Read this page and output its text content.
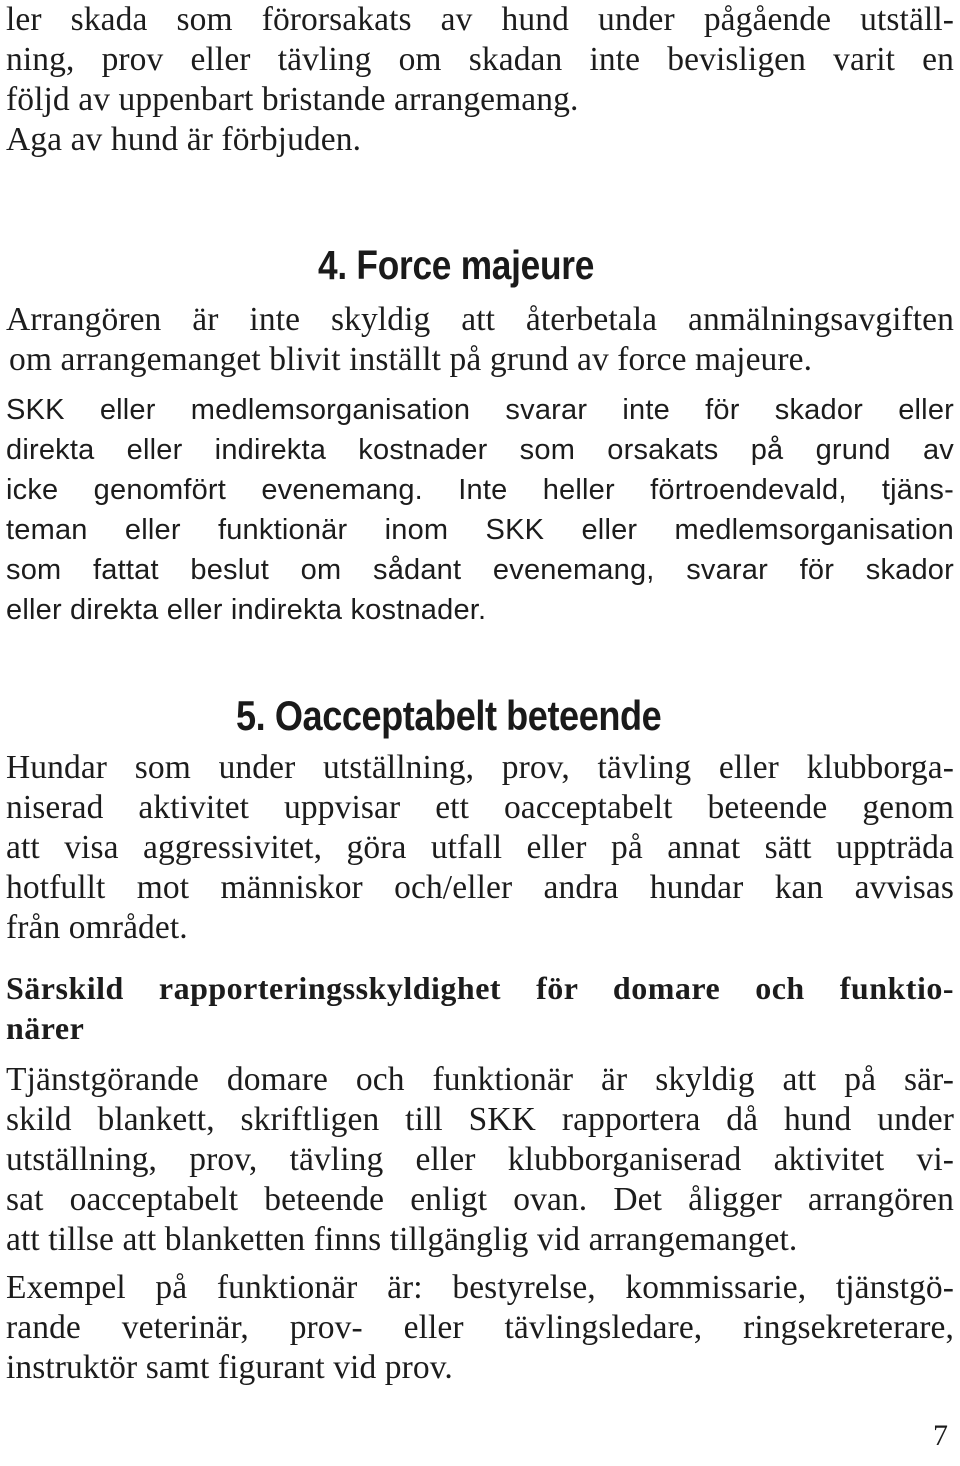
ler skada som förorsakats av hund under pågående utställ-
ning, prov eller tävling om skadan inte bevisligen varit en
följd av uppenbart bristande arrangemang.
Aga av hund är förbjuden.
4. Force majeure
Arrangören är inte skyldig att återbetala anmälningsavgiften
om arrangemanget blivit inställt på grund av force majeure.
SKK eller medlemsorganisation svarar inte för skador eller
direkta eller indirekta kostnader som orsakats på grund av
icke genomfört evenemang. Inte heller förtroendevald, tjäns-
teman eller funktionär inom SKK eller medlemsorganisation
som fattat beslut om sådant evenemang, svarar för skador
eller direkta eller indirekta kostnader.
5. Oacceptabelt beteende
Hundar som under utställning, prov, tävling eller klubborga-
niserad aktivitet uppvisar ett oacceptabelt beteende genom
att visa aggressivitet, göra utfall eller på annat sätt uppträda
hotfullt mot människor och/eller andra hundar kan avvisas
från området.
Särskild rapporteringsskyldighet för domare och funktio-
närer
Tjänstgörande domare och funktionär är skyldig att på sär-
skild blankett, skriftligen till SKK rapportera då hund under
utställning, prov, tävling eller klubborganiserad aktivitet vi-
sat oacceptabelt beteende enligt ovan. Det åligger arrangören
att tillse att blanketten finns tillgänglig vid arrangemanget.
Exempel på funktionär är: bestyrelse, kommissarie, tjänstgö-
rande veterinär, prov- eller tävlingsledare, ringsekreterare,
instruktör samt figurant vid prov.
7
